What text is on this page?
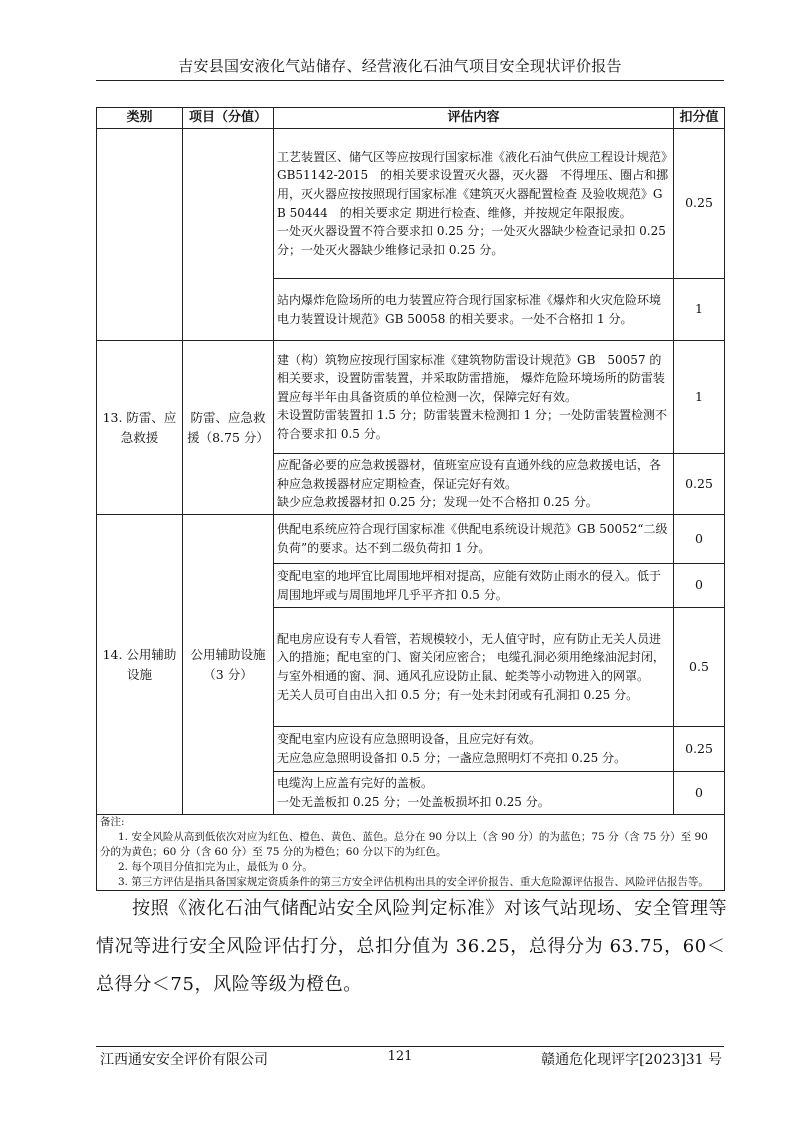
吉安县国安液化气站储存、经营液化石油气项目安全现状评价报告
类别	项目（分值）	评估内容	扣分值

		工艺装置区、储气区等应按现行国家标准《液化石油气供应工程设计规范》GB51142-2015　的相关要求设置灭火器，灭火器　不得埋压、圈占和挪用，灭火器应按按照现行国家标准《建筑灭火器配置检查 及验收规范》GB 50444　的相关要求定 期进行检查、维修，并按规定年限报废。
一处灭火器设置不符合要求扣 0.25 分；一处灭火器缺少检查记录扣 0.25 分；一处灭火器缺少维修记录扣 0.25 分。	0.25

		站内爆炸危险场所的电力装置应符合现行国家标准《爆炸和火灾危险环境电力装置设计规范》GB 50058 的相关要求。一处不合格扣 1 分。	1
13. 防雷、应急救援	防雷、应急救援（8.75 分）	建（构）筑物应按现行国家标准《建筑物防雷设计规范》GB　50057 的相关要求，设置防雷装置，并采取防雷措施， 爆炸危险环境场所的防雷装置应每半年由具备资质的单位检测一次，保障完好有效。
未设置防雷装置扣 1.5 分；防雷装置未检测扣 1 分；一处防雷装置检测不符合要求扣 0.5 分。	1

		应配备必要的应急救援器材，值班室应设有直通外线的应急救援电话，各种应急救援器材应定期检查，保证完好有效。
缺少应急救援器材扣 0.25 分；发现一处不合格扣 0.25 分。	0.25
14. 公用辅助设施	公用辅助设施（3 分）	供配电系统应符合现行国家标准《供配电系统设计规范》GB 50052“二级负荷”的要求。达不到二级负荷扣 1 分。	0

		变配电室的地坪宜比周围地坪相对提高，应能有效防止雨水的侵入。低于周围地坪或与周围地坪几乎平齐扣 0.5 分。	0

		配电房应设有专人看管，若规模较小，无人值守时，应有防止无关人员进入的措施；配电室的门、窗关闭应密合； 电缆孔洞必须用绝缘油泥封闭，与室外相通的窗、洞、通风孔应设防止鼠、蛇类等小动物进入的网罩。
无关人员可自由出入扣 0.5 分；有一处未封闭或有孔洞扣 0.25 分。	0.5

		变配电室内应设有应急照明设备，且应完好有效。
无应急应急照明设备扣 0.5 分；一盏应急照明灯不亮扣 0.25 分。	0.25

		电缆沟上应盖有完好的盖板。
一处无盖板扣 0.25 分；一处盖板损坏扣 0.25 分。	0

备注:
1. 安全风险从高到低依次对应为红色、橙色、黄色、蓝色。总分在 90 分以上（含 90 分）的为蓝色；75 分（含 75 分）至 90 分的为黄色；60 分（含 60 分）至 75 分的为橙色；60 分以下的为红色。
2. 每个项目分值扣完为止，最低为 0 分。
3. 第三方评估是指具备国家规定资质条件的第三方安全评估机构出具的安全评价报告、重大危险源评估报告、风险评估报告等。			
按照《液化石油气储配站安全风险判定标准》对该气站现场、安全管理等情况等进行安全风险评估打分，总扣分值为 36.25，总得分为 63.75，60＜总得分＜75，风险等级为橙色。
江西通安安全评价有限公司	121	赣通危化现评字[2023]31 号
